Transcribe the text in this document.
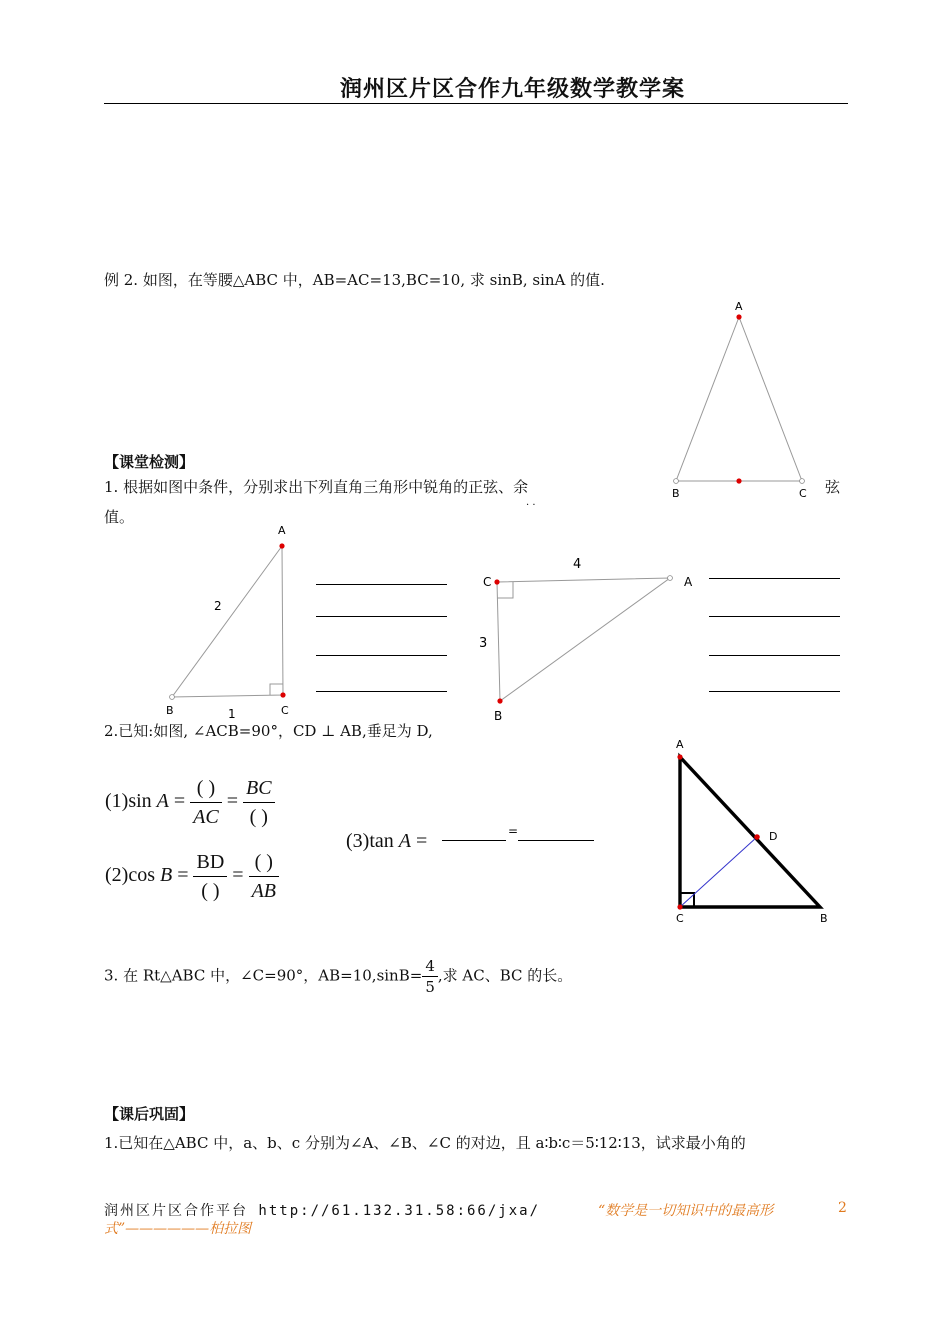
润州区片区合作九年级数学教学案
例 2. 如图，在等腰△ABC 中，AB=AC=13,BC=10, 求 sinB, sinA 的值.
A
B	C
【课堂检测】
1. 根据如图中条件，分别求出下列直角三角形中锐角的正弦、余	弦
· ·
值。
A
B	C
2
1
C	A
B
4
3
2.已知:如图, ∠ACB=90°，CD ⊥ AB,垂足为 D,
(1)sin $A = \frac{( )}{AC} = \frac{BC}{( )}$
(2)cos $B = \frac{BD}{( )} = \frac{( )}{AB}$
(3)tan A =	=
A
D
C	B
3. 在 Rt△ABC 中，∠C=90°，$AB=10,\sin B= \frac{4}{5}$ ,求 AC、BC 的长。
【课后巩固】
1.已知在△ABC 中，a、b、c 分别为∠A、∠B、∠C 的对边，且 a∶b∶c＝5∶12∶13，试求最小角的
润州区片区合作平台 http://61.132.31.58:66/jxa/	“数学是一切知识中的最高形
式”——————柏拉图
2
